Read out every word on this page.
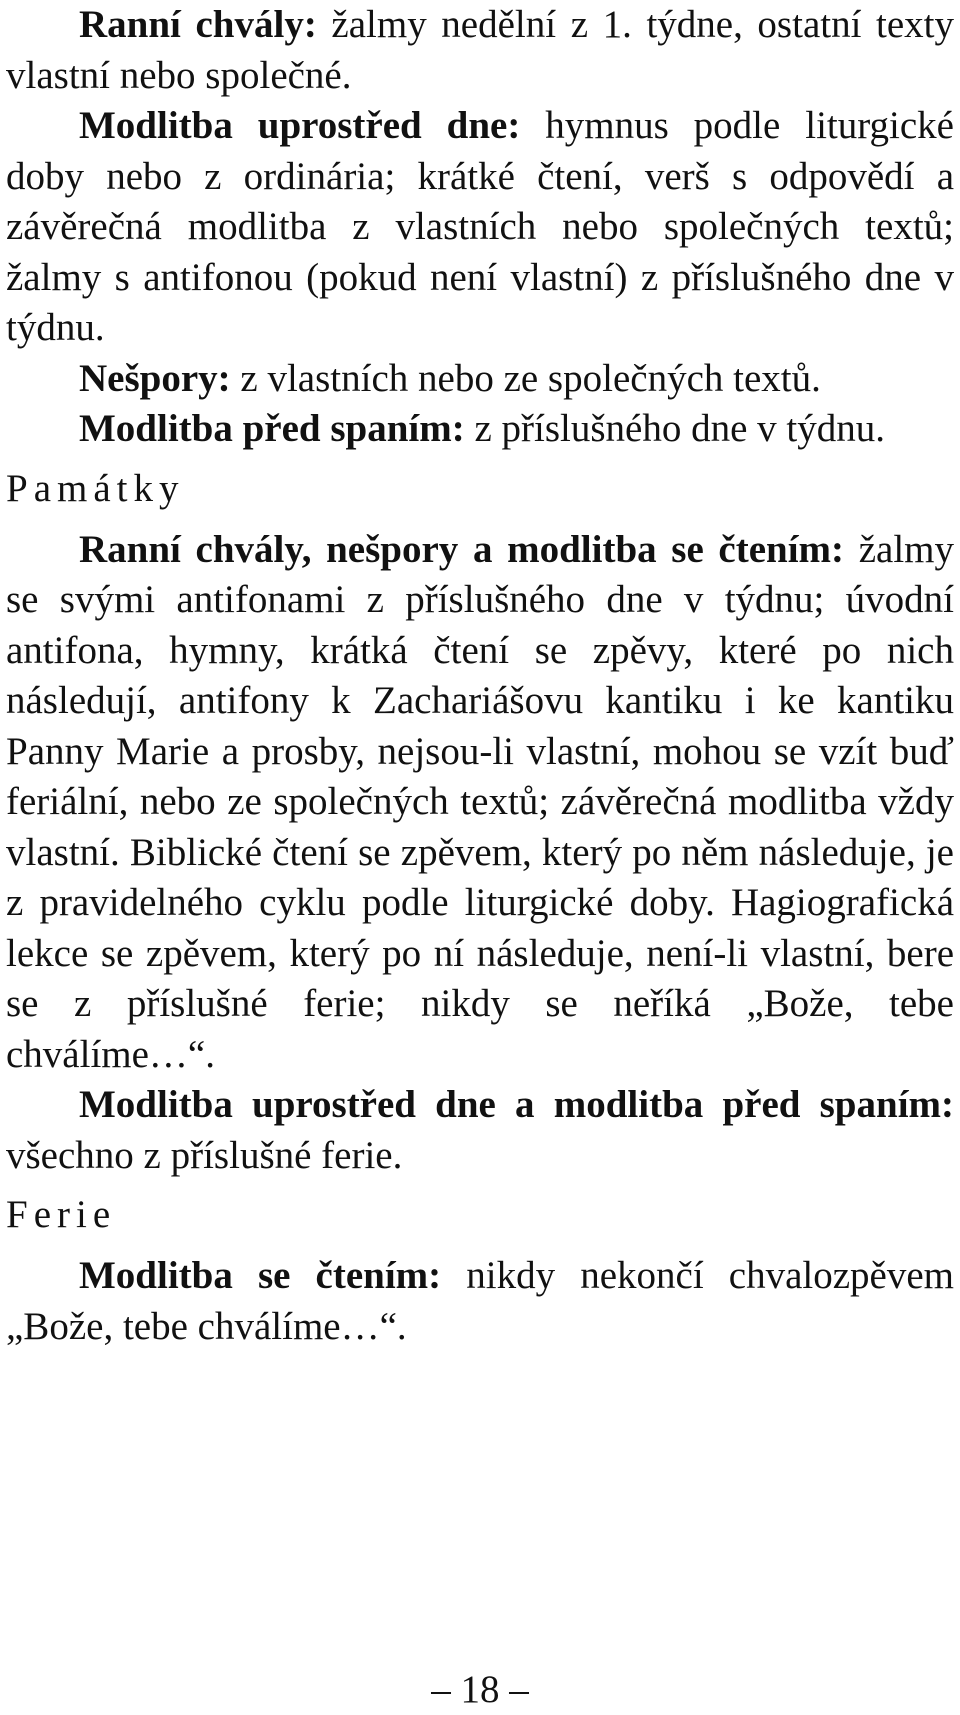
Ranní chvály: žalmy nedělní z 1. týdne, ostatní texty vlastní nebo společné.

Modlitba uprostřed dne: hymnus podle liturgické doby nebo z ordinária; krátké čtení, verš s odpovědí a závěrečná modlitba z vlastních nebo společných textů; žalmy s antifonou (pokud není vlastní) z příslušného dne v týdnu.

Nešpory: z vlastních nebo ze společných textů.

Modlitba před spaním: z příslušného dne v týdnu.

Památky

Ranní chvály, nešpory a modlitba se čtením: žalmy se svými antifonami z příslušného dne v týdnu; úvodní antifona, hymny, krátká čtení se zpěvy, které po nich následují, antifony k Zachariášovu kantiku i ke kantiku Panny Marie a prosby, nejsou-li vlastní, mohou se vzít buď feriální, nebo ze společných textů; závěrečná modlitba vždy vlastní. Biblické čtení se zpěvem, který po něm následuje, je z pravidelného cyklu podle liturgické doby. Hagiografická lekce se zpěvem, který po ní následuje, není-li vlastní, bere se z příslušné ferie; nikdy se neříká „Bože, tebe chválíme…“.

Modlitba uprostřed dne a modlitba před spaním: všechno z příslušné ferie.

Ferie

Modlitba se čtením: nikdy nekončí chvalozpěvem „Bože, tebe chválíme…“.

– 18 –
